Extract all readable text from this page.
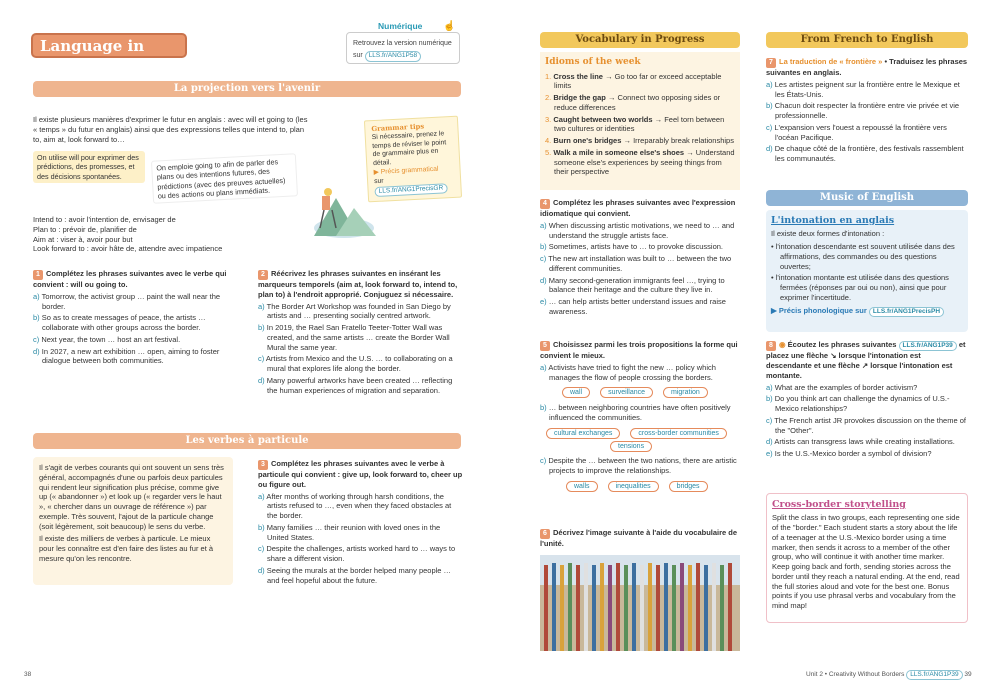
Language in Progress
Numérique ☝
Retrouvez la version numérique
sur LLS.fr/ANG1P58
La projection vers l'avenir
Il existe plusieurs manières d'exprimer le futur en anglais : avec will et going to (les « temps » du futur en anglais) ainsi que des expressions telles que intend to, plan to, aim at, look forward to…
On utilise will pour exprimer des prédictions, des promesses, et des décisions spontanées.
On emploie going to afin de parler des plans ou des intentions futures, des prédictions (avec des preuves actuelles) ou des actions ou plans immédiats.
Grammar tips
Si nécessaire, prenez le temps de réviser le point de grammaire plus en détail.
▶ Précis grammatical
sur LLS.fr/ANG1PrecisGR
Intend to : avoir l'intention de, envisager de
Plan to : prévoir de, planifier de
Aim at : viser à, avoir pour but
Look forward to : avoir hâte de, attendre avec impatience
1 Complétez les phrases suivantes avec le verbe qui convient : will ou going to.
a) Tomorrow, the activist group … paint the wall near the border.
b) So as to create messages of peace, the artists … collaborate with other groups across the border.
c) Next year, the town … host an art festival.
d) In 2027, a new art exhibition … open, aiming to foster dialogue between both communities.
2 Réécrivez les phrases suivantes en insérant les marqueurs temporels (aim at, look forward to, intend to, plan to) à l'endroit approprié. Conjuguez si nécessaire.
a) The Border Art Workshop was founded in San Diego by artists and … presenting socially centred artwork.
b) In 2019, the Rael San Fratello Teeter-Totter Wall was created, and the same artists … create the Border Wall Mural the same year.
c) Artists from Mexico and the U.S. … to collaborating on a mural that explores life along the border.
d) Many powerful artworks have been created … reflecting the human experiences of migration and separation.
Les verbes à particule
Il s'agit de verbes courants qui ont souvent un sens très général, accompagnés d'une ou parfois deux particules qui rendent leur signification plus précise, comme give up (« abandonner ») et look up (« regarder vers le haut », « chercher dans un ouvrage de référence ») par exemple. Très souvent, l'ajout de la particule change (soit légèrement, soit beaucoup) le sens du verbe.
Il existe des milliers de verbes à particule. Le mieux pour les connaître est d'en faire des listes au fur et à mesure qu'on les rencontre.
3 Complétez les phrases suivantes avec le verbe à particule qui convient : give up, look forward to, cheer up ou figure out.
a) After months of working through harsh conditions, the artists refused to …, even when they faced obstacles at the border.
b) Many families … their reunion with loved ones in the United States.
c) Despite the challenges, artists worked hard to … ways to share a different vision.
d) Seeing the murals at the border helped many people … and feel hopeful about the future.
38
Vocabulary in Progress
Idioms of the week
1. Cross the line → Go too far or exceed acceptable limits
2. Bridge the gap → Connect two opposing sides or reduce differences
3. Caught between two worlds → Feel torn between two cultures or identities
4. Burn one's bridges → Irreparably break relationships
5. Walk a mile in someone else's shoes → Understand someone else's experiences by seeing things from their perspective
4 Complétez les phrases suivantes avec l'expression idiomatique qui convient.
a) When discussing artistic motivations, we need to … and understand the struggle artists face.
b) Sometimes, artists have to … to provoke discussion.
c) The new art installation was built to … between the two different communities.
d) Many second-generation immigrants feel …, trying to balance their heritage and the culture they live in.
e) … can help artists better understand issues and raise awareness.
5 Choisissez parmi les trois propositions la forme qui convient le mieux.
a) Activists have tried to fight the new … policy which manages the flow of people crossing the borders.
wall	surveillance	migration
b) … between neighboring countries have often positively influenced the communities.
cultural exchanges	cross-border communities
tensions
c) Despite the … between the two nations, there are artistic projects to improve the relationships.
walls	inequalities	bridges
6 Décrivez l'image suivante à l'aide du vocabulaire de l'unité.
From French to English
7 La traduction de « frontière » • Traduisez les phrases suivantes en anglais.
a) Les artistes peignent sur la frontière entre le Mexique et les États-Unis.
b) Chacun doit respecter la frontière entre vie privée et vie professionnelle.
c) L'expansion vers l'ouest a repoussé la frontière vers l'océan Pacifique.
d) De chaque côté de la frontière, des festivals rassemblent les communautés.
Music of English
L'intonation en anglais
Il existe deux formes d'intonation :
• l'intonation descendante est souvent utilisée dans des affirmations, des commandes ou des questions ouvertes;
• l'intonation montante est utilisée dans des questions fermées (réponses par oui ou non), ainsi que pour exprimer l'incertitude.
▶ Précis phonologique sur LLS.fr/ANG1PrecisPH
8 ◉ Écoutez les phrases suivantes LLS.fr/ANG1P39 et placez une flèche ↘ lorsque l'intonation est descendante et une flèche ↗ lorsque l'intonation est montante.
a) What are the examples of border activism?
b) Do you think art can challenge the dynamics of U.S.- Mexico relationships?
c) The French artist JR provokes discussion on the theme of the "Other".
d) Artists can transgress laws while creating installations.
e) Is the U.S.-Mexico border a symbol of division?
Cross-border storytelling
Split the class in two groups, each representing one side of the "border." Each student starts a story about the life of a teenager at the U.S.-Mexico border using a time marker, then sends it across to a member of the other group, who will continue it with another time marker. Keep going back and forth, sending stories across the border until they reach a natural ending. At the end, read the full stories aloud and vote for the best one. Bonus points if you use phrasal verbs and vocabulary from the mind map!
Unit 2 • Creativity Without Borders LLS.fr/ANG1P39 39
